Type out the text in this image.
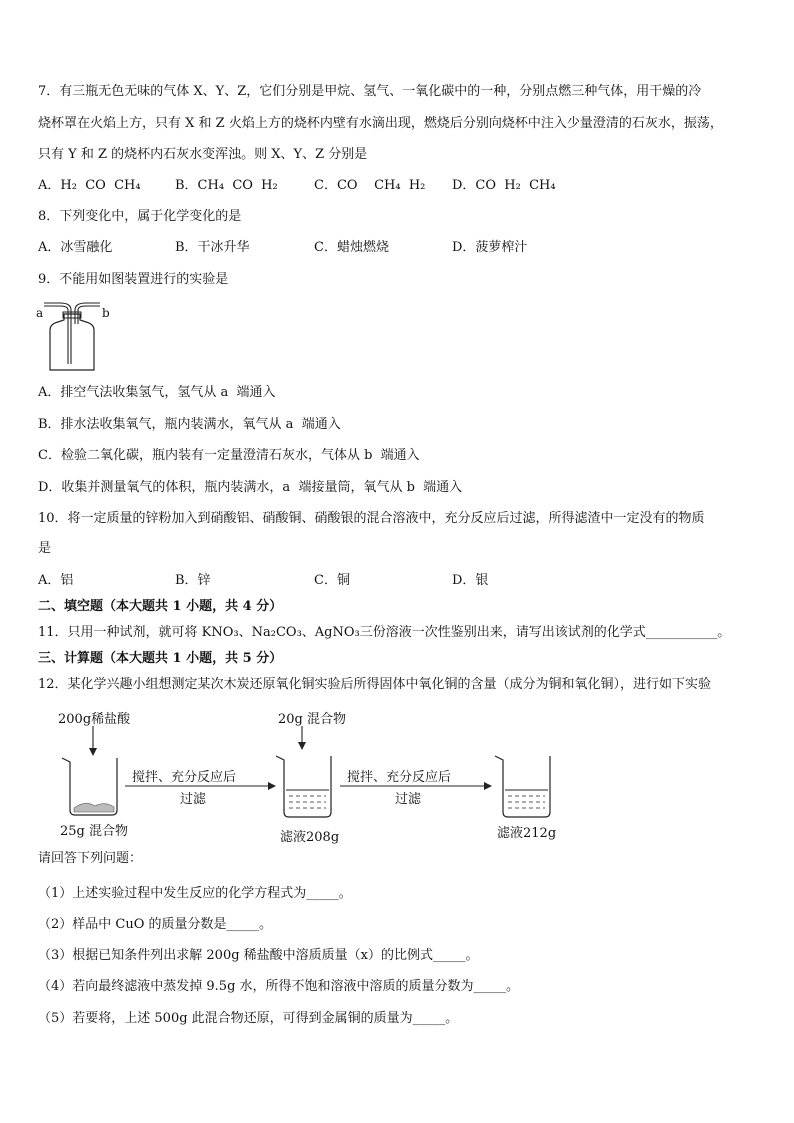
7．有三瓶无色无味的气体 X、Y、Z，它们分别是甲烷、氢气、一氧化碳中的一种，分别点燃三种气体，用干燥的冷
烧杯罩在火焰上方，只有 X 和 Z 火焰上方的烧杯内壁有水滴出现，燃烧后分别向烧杯中注入少量澄清的石灰水，振荡，
只有 Y 和 Z 的烧杯内石灰水变浑浊。则 X、Y、Z 分别是
A．H₂  CO  CH₄	B．CH₄  CO  H₂	C．CO    CH₄  H₂ D．CO  H₂  CH₄
8．下列变化中，属于化学变化的是
A．冰雪融化	B．干冰升华	C．蜡烛燃烧	D．菠萝榨汁
9．不能用如图装置进行的实验是
a	b
A．排空气法收集氢气，氢气从 a  端通入
B．排水法收集氧气，瓶内装满水，氧气从 a  端通入
C．检验二氧化碳，瓶内装有一定量澄清石灰水，气体从 b  端通入
D．收集并测量氧气的体积，瓶内装满水，a  端接量筒，氧气从 b  端通入
10．将一定质量的锌粉加入到硝酸铝、硝酸铜、硝酸银的混合溶液中，充分反应后过滤，所得滤渣中一定没有的物质
是
A．铝	B．锌	C．铜	D．银
二、填空题（本大题共 1 小题，共 4 分）
11．只用一种试剂，就可将 KNO₃、Na₂CO₃、AgNO₃三份溶液一次性鉴别出来，请写出该试剂的化学式___________。
三、计算题（本大题共 1 小题，共 5 分）
12．某化学兴趣小组想测定某次木炭还原氧化铜实验后所得固体中氧化铜的含量（成分为铜和氧化铜），进行如下实验
200g稀盐酸	20g 混合物
搅拌、充分反应后
过滤
搅拌、充分反应后
过滤
25g 混合物	滤液208g	滤液212g
请回答下列问题：
（1）上述实验过程中发生反应的化学方程式为_____。
（2）样品中 CuO 的质量分数是_____。
（3）根据已知条件列出求解 200g 稀盐酸中溶质质量（x）的比例式_____。
（4）若向最终滤液中蒸发掉 9.5g 水，所得不饱和溶液中溶质的质量分数为_____。
（5）若要将，上述 500g 此混合物还原，可得到金属铜的质量为_____。
